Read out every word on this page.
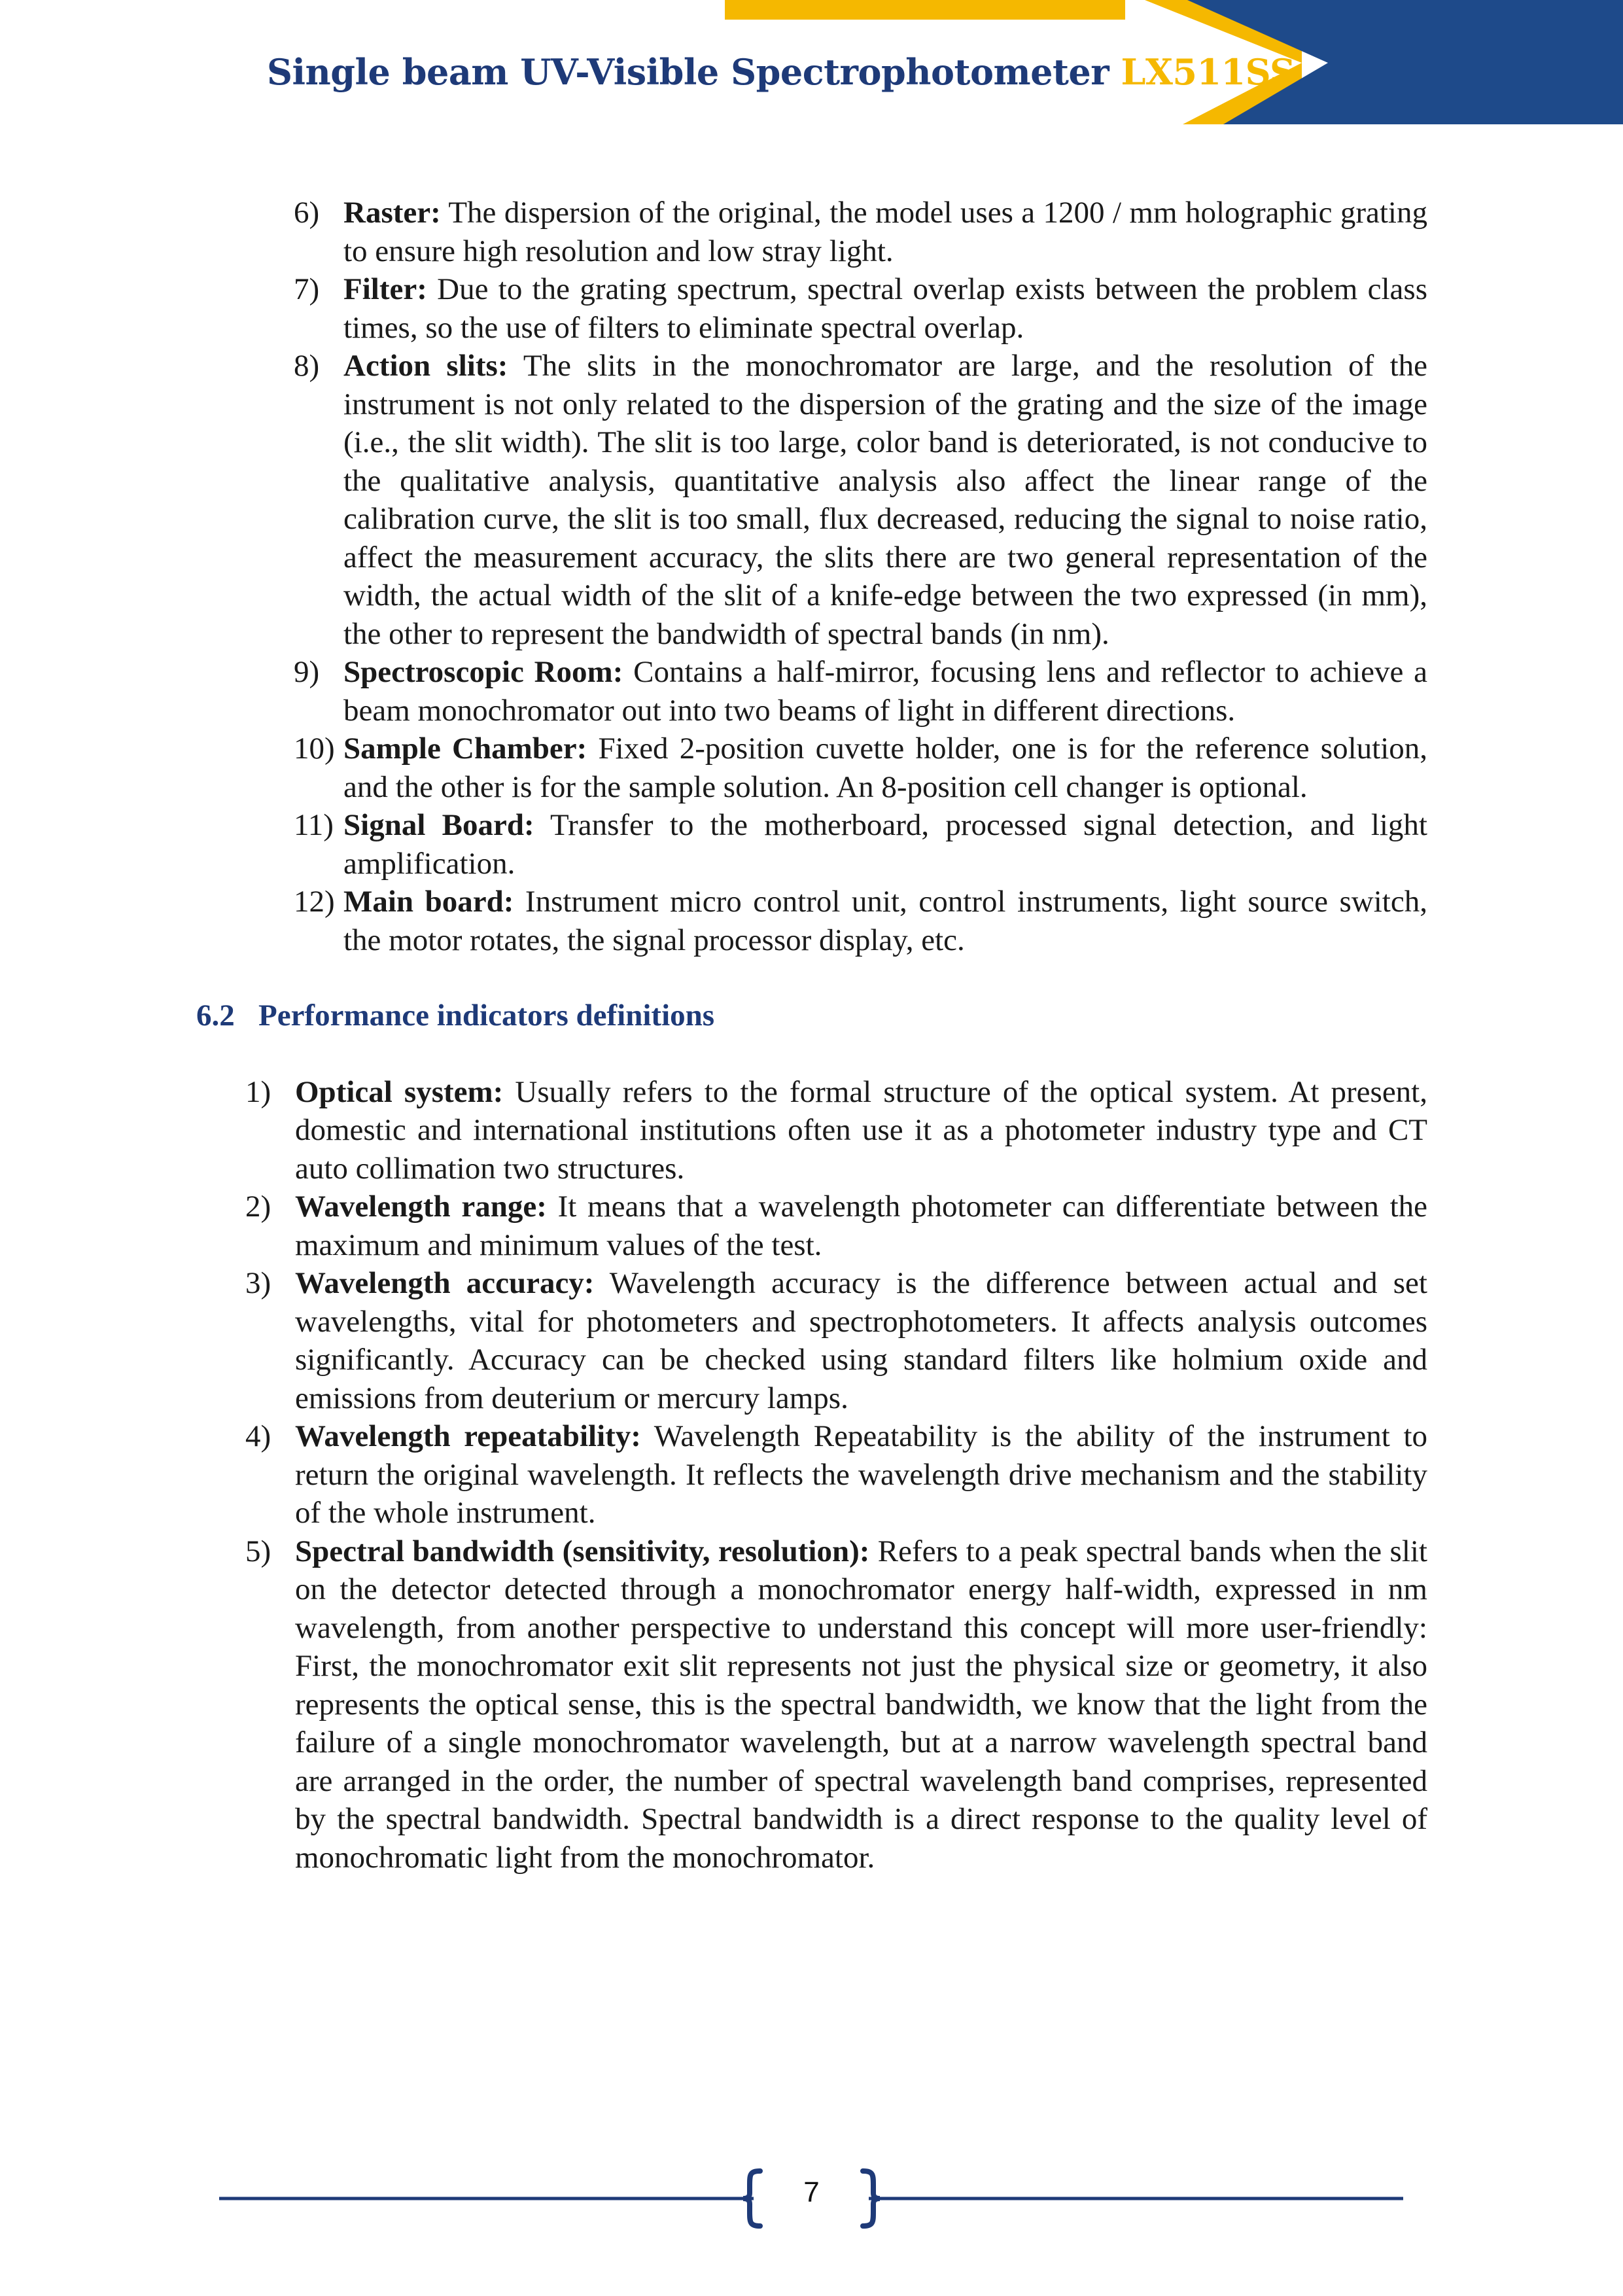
Single beam UV-Visible Spectrophotometer LX511SS
6) Raster: The dispersion of the original, the model uses a 1200 / mm holographic grating to ensure high resolution and low stray light.
7) Filter: Due to the grating spectrum, spectral overlap exists between the problem class times, so the use of filters to eliminate spectral overlap.
8) Action slits: The slits in the monochromator are large, and the resolution of the instrument is not only related to the dispersion of the grating and the size of the image (i.e., the slit width). The slit is too large, color band is deteriorated, is not conducive to the qualitative analysis, quantitative analysis also affect the linear range of the calibration curve, the slit is too small, flux decreased, reducing the signal to noise ratio, affect the measurement accuracy, the slits there are two general representation of the width, the actual width of the slit of a knife-edge between the two expressed (in mm), the other to represent the bandwidth of spectral bands (in nm).
9) Spectroscopic Room: Contains a half-mirror, focusing lens and reflector to achieve a beam monochromator out into two beams of light in different directions.
10) Sample Chamber: Fixed 2-position cuvette holder, one is for the reference solution, and the other is for the sample solution. An 8-position cell changer is optional.
11) Signal Board: Transfer to the motherboard, processed signal detection, and light amplification.
12) Main board: Instrument micro control unit, control instruments, light source switch, the motor rotates, the signal processor display, etc.
6.2 Performance indicators definitions
1) Optical system: Usually refers to the formal structure of the optical system. At present, domestic and international institutions often use it as a photometer industry type and CT auto collimation two structures.
2) Wavelength range: It means that a wavelength photometer can differentiate between the maximum and minimum values of the test.
3) Wavelength accuracy: Wavelength accuracy is the difference between actual and set wavelengths, vital for photometers and spectrophotometers. It affects analysis outcomes significantly. Accuracy can be checked using standard filters like holmium oxide and emissions from deuterium or mercury lamps.
4) Wavelength repeatability: Wavelength Repeatability is the ability of the instrument to return the original wavelength. It reflects the wavelength drive mechanism and the stability of the whole instrument.
5) Spectral bandwidth (sensitivity, resolution): Refers to a peak spectral bands when the slit on the detector detected through a monochromator energy half-width, expressed in nm wavelength, from another perspective to understand this concept will more user-friendly: First, the monochromator exit slit represents not just the physical size or geometry, it also represents the optical sense, this is the spectral bandwidth, we know that the light from the failure of a single monochromator wavelength, but at a narrow wavelength spectral band are arranged in the order, the number of spectral wavelength band comprises, represented by the spectral bandwidth. Spectral bandwidth is a direct response to the quality level of monochromatic light from the monochromator.
7
